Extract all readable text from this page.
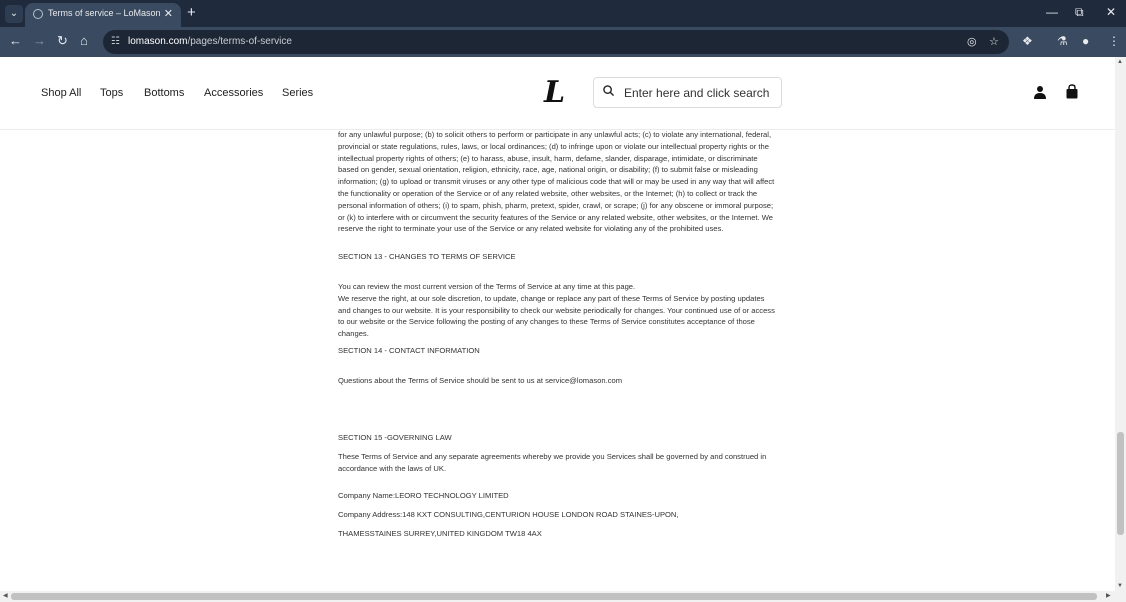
⌄	Terms of service – LoMason ✕ +	— ⧉ ✕
← → ↻ ⌂ ☷ lomason.com/pages/terms-of-service	◎ ☆ ❖ ⚗ ● ⋮
Shop All Tops Bottoms Accessories Series	L
Enter here and click search

for any unlawful purpose; (b) to solicit others to perform or participate in any unlawful acts; (c) to violate any international, federal, provincial or state regulations, rules, laws, or local ordinances; (d) to infringe upon or violate our intellectual property rights or the intellectual property rights of others; (e) to harass, abuse, insult, harm, defame, slander, disparage, intimidate, or discriminate based on gender, sexual orientation, religion, ethnicity, race, age, national origin, or disability; (f) to submit false or misleading information; (g) to upload or transmit viruses or any other type of malicious code that will or may be used in any way that will affect the functionality or operation of the Service or of any related website, other websites, or the Internet; (h) to collect or track the personal information of others; (i) to spam, phish, pharm, pretext, spider, crawl, or scrape; (j) for any obscene or immoral purpose; or (k) to interfere with or circumvent the security features of the Service or any related website, other websites, or the Internet. We reserve the right to terminate your use of the Service or any related website for violating any of the prohibited uses.

SECTION 13 - CHANGES TO TERMS OF SERVICE

You can review the most current version of the Terms of Service at any time at this page.

We reserve the right, at our sole discretion, to update, change or replace any part of these Terms of Service by posting updates and changes to our website. It is your responsibility to check our website periodically for changes. Your continued use of or access to our website or the Service following the posting of any changes to these Terms of Service constitutes acceptance of those changes.

SECTION 14 - CONTACT INFORMATION

Questions about the Terms of Service should be sent to us at service@lomason.com

SECTION 15 -GOVERNING LAW

These Terms of Service and any separate agreements whereby we provide you Services shall be governed by and construed in accordance with the laws of UK.

Company Name:LEORO TECHNOLOGY LIMITED

Company Address:148 KXT CONSULTING,CENTURION HOUSE LONDON ROAD STAINES-UPON,

THAMESSTAINES SURREY,UNITED KINGDOM TW18 4AX

▲
▼
◀	▶
